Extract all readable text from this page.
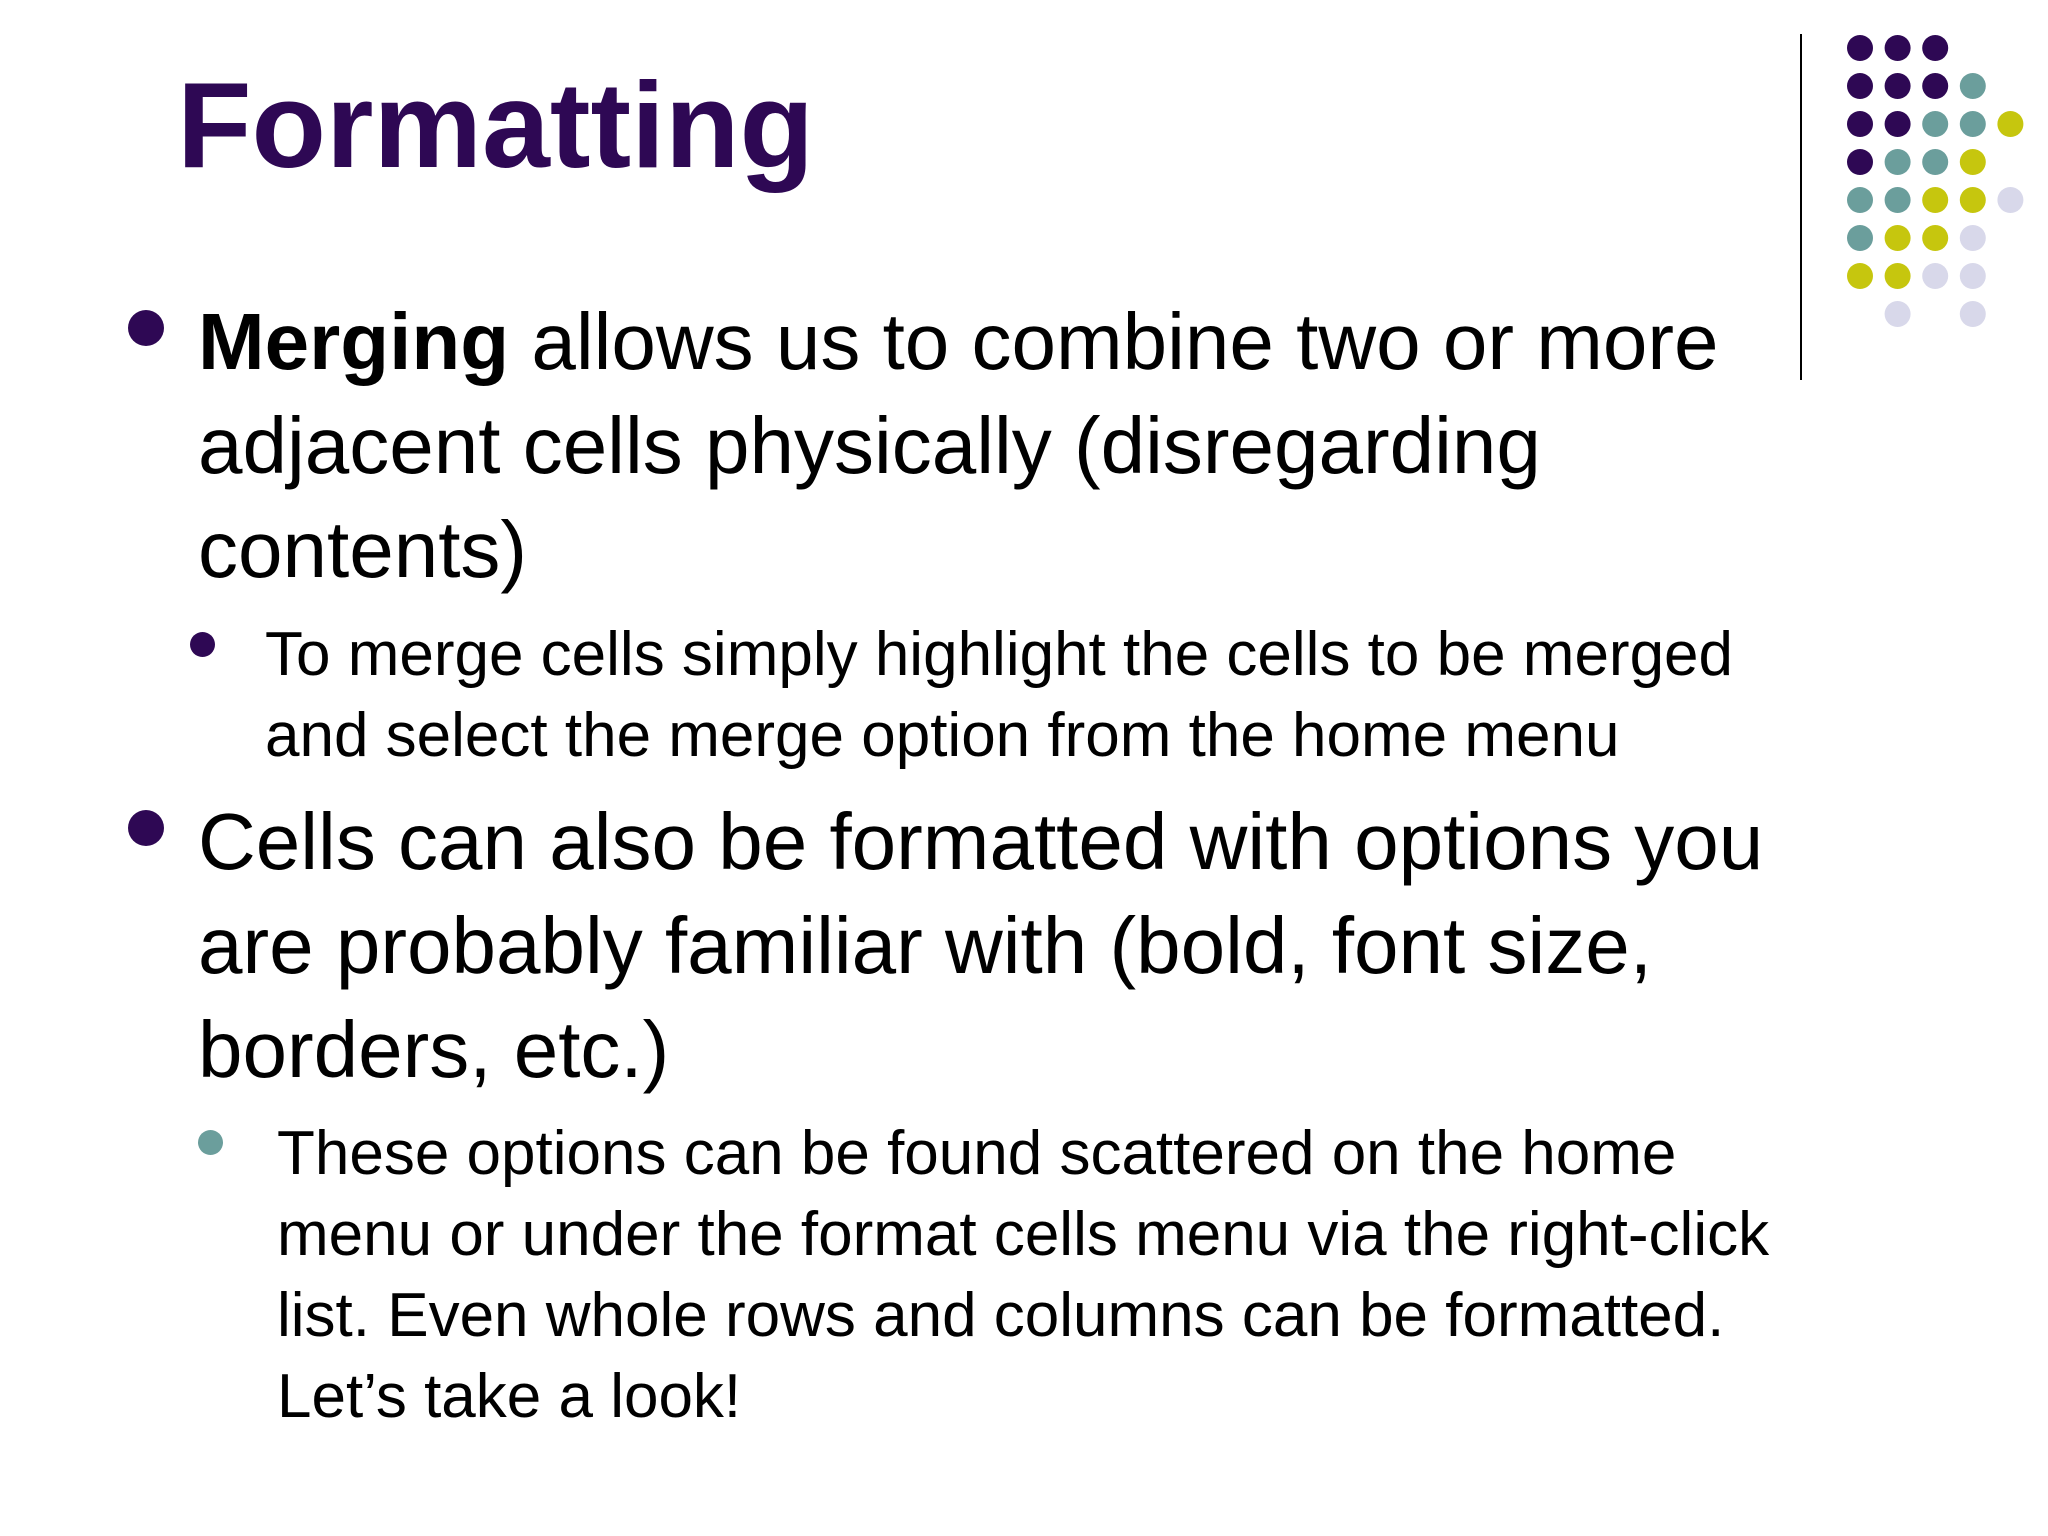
Formatting
Merging allows us to combine two or more
adjacent cells physically (disregarding
contents)
To merge cells simply highlight the cells to be merged
and select the merge option from the home menu
Cells can also be formatted with options you
are probably familiar with (bold, font size,
borders, etc.)
These options can be found scattered on the home
menu or under the format cells menu via the right-click
list. Even whole rows and columns can be formatted.
Let’s take a look!
